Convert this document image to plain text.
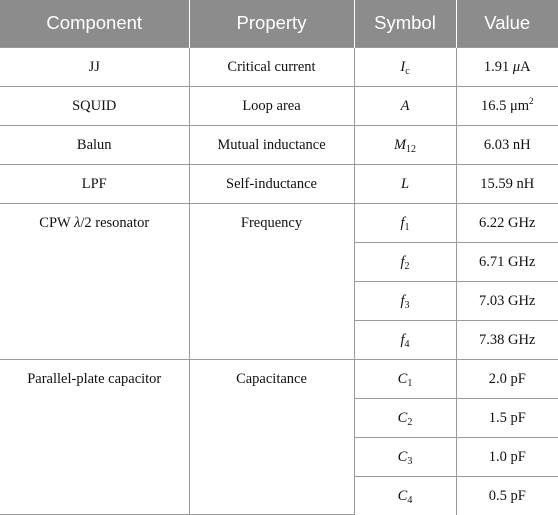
Component	Property	Symbol	Value
JJ	Critical current	$I_c$	1.91 μA
SQUID	Loop area	A	16.5 $\mu m^2$
Balun	Mutual inductance	$M_{12}$	6.03 nH
LPF	Self-inductance	L	15.59 nH
CPW λ/2 resonator	Frequency	$f_1$	6.22 GHz
		$f_2$	6.71 GHz
		$f_3$	7.03 GHz
		$f_4$	7.38 GHz
Parallel-plate capacitor	Capacitance	$C_1$	2.0 pF
		$C_2$	1.5 pF
		$C_3$	1.0 pF
		$C_4$	0.5 pF
